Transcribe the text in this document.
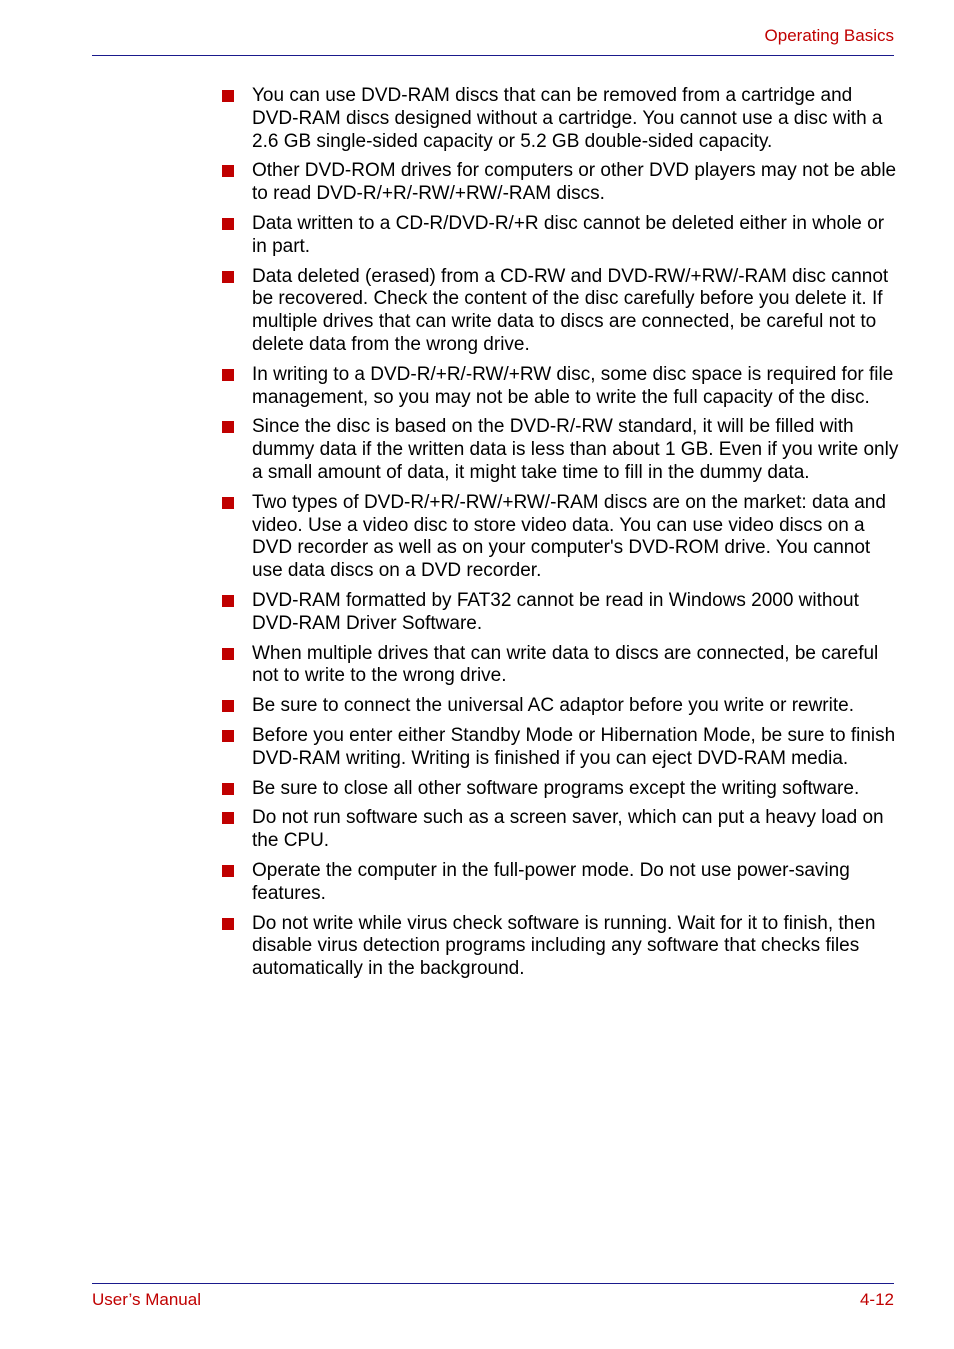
Operating Basics
You can use DVD-RAM discs that can be removed from a cartridge and DVD-RAM discs designed without a cartridge. You cannot use a disc with a 2.6 GB single-sided capacity or 5.2 GB double-sided capacity.
Other DVD-ROM drives for computers or other DVD players may not be able to read DVD-R/+R/-RW/+RW/-RAM discs.
Data written to a CD-R/DVD-R/+R disc cannot be deleted either in whole or in part.
Data deleted (erased) from a CD-RW and DVD-RW/+RW/-RAM disc cannot be recovered. Check the content of the disc carefully before you delete it. If multiple drives that can write data to discs are connected, be careful not to delete data from the wrong drive.
In writing to a DVD-R/+R/-RW/+RW disc, some disc space is required for file management, so you may not be able to write the full capacity of the disc.
Since the disc is based on the DVD-R/-RW standard, it will be filled with dummy data if the written data is less than about 1 GB. Even if you write only a small amount of data, it might take time to fill in the dummy data.
Two types of DVD-R/+R/-RW/+RW/-RAM discs are on the market: data and video. Use a video disc to store video data. You can use video discs on a DVD recorder as well as on your computer's DVD-ROM drive. You cannot use data discs on a DVD recorder.
DVD-RAM formatted by FAT32 cannot be read in Windows 2000 without DVD-RAM Driver Software.
When multiple drives that can write data to discs are connected, be careful not to write to the wrong drive.
Be sure to connect the universal AC adaptor before you write or rewrite.
Before you enter either Standby Mode or Hibernation Mode, be sure to finish DVD-RAM writing. Writing is finished if you can eject DVD-RAM media.
Be sure to close all other software programs except the writing software.
Do not run software such as a screen saver, which can put a heavy load on the CPU.
Operate the computer in the full-power mode. Do not use power-saving features.
Do not write while virus check software is running. Wait for it to finish, then disable virus detection programs including any software that checks files automatically in the background.
User’s Manual	4-12
